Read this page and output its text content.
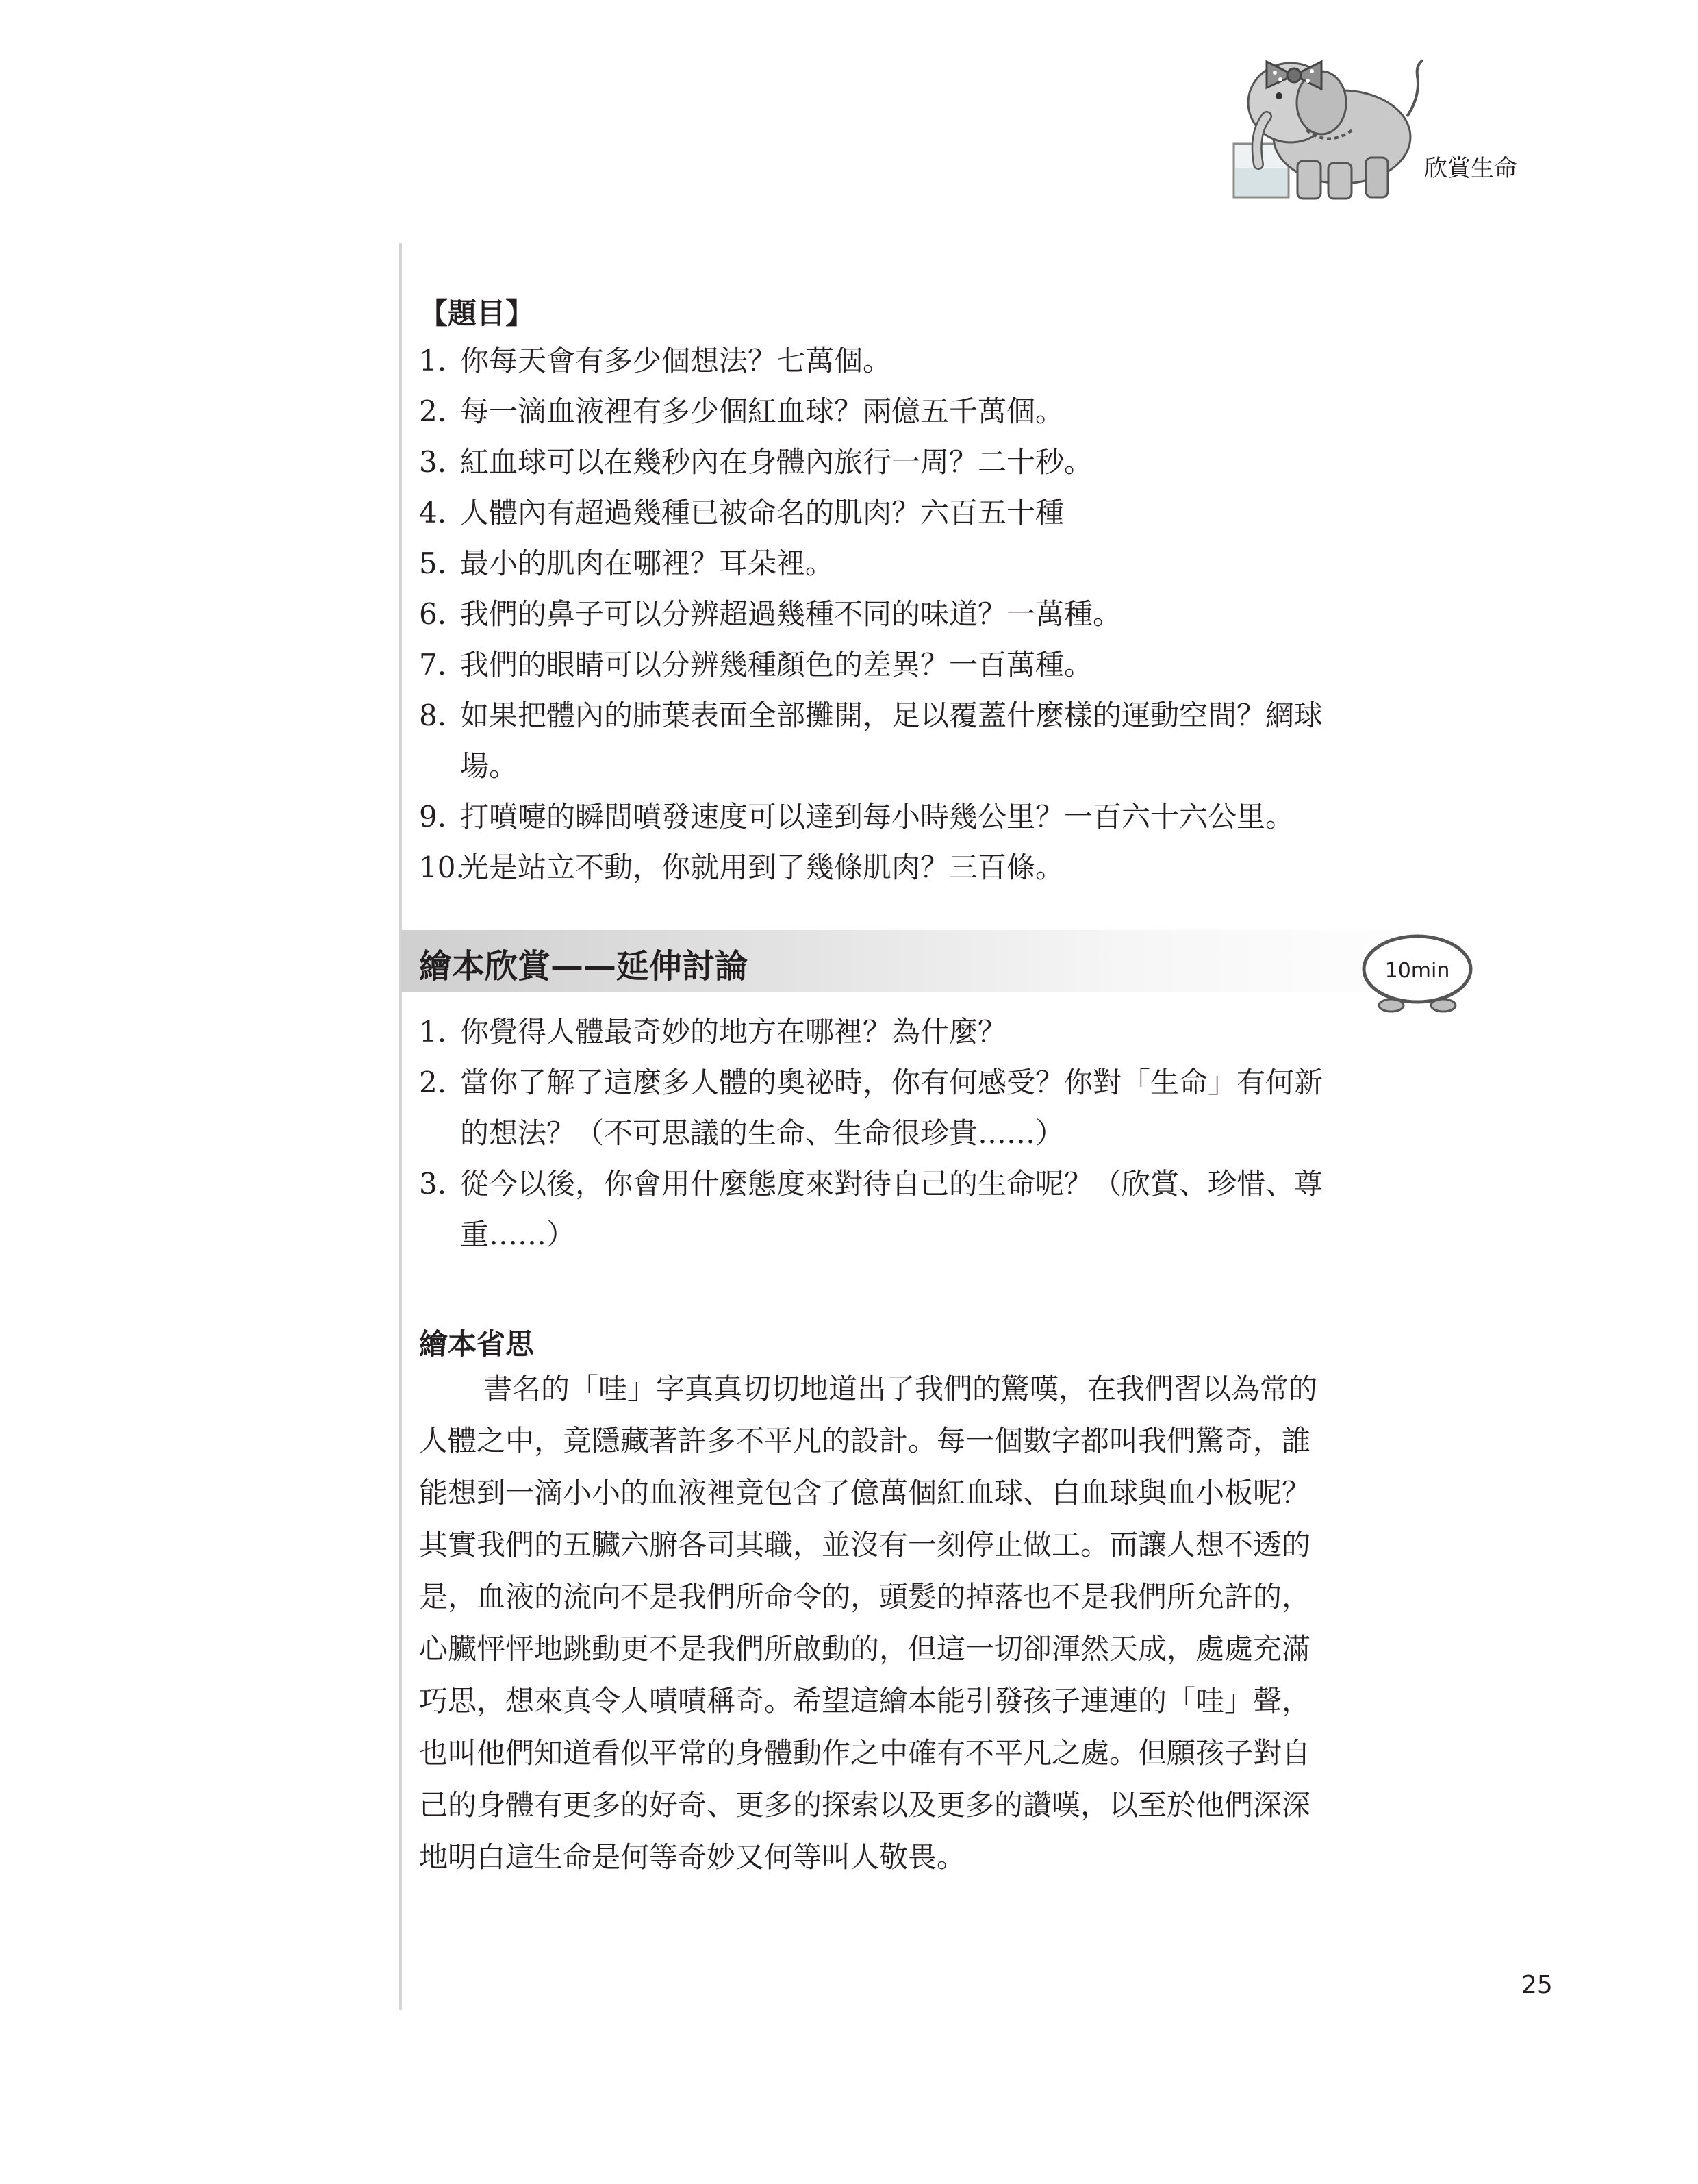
欣賞生命
【題目】
1. 你每天會有多少個想法？七萬個。
2. 每一滴血液裡有多少個紅血球？兩億五千萬個。
3. 紅血球可以在幾秒內在身體內旅行一周？二十秒。
4. 人體內有超過幾種已被命名的肌肉？六百五十種
5. 最小的肌肉在哪裡？耳朵裡。
6. 我們的鼻子可以分辨超過幾種不同的味道？一萬種。
7. 我們的眼睛可以分辨幾種顏色的差異？一百萬種。
8. 如果把體內的肺葉表面全部攤開，足以覆蓋什麼樣的運動空間？網球
場。
9. 打噴嚏的瞬間噴發速度可以達到每小時幾公里？一百六十六公里。
10.
光是站立不動，你就用到了幾條肌肉？三百條。
繪本欣賞——延伸討論
1. 你覺得人體最奇妙的地方在哪裡？為什麼？
2. 當你了解了這麼多人體的奧祕時，你有何感受？你對「生命」有何新
的想法？（不可思議的生命、生命很珍貴……）
3. 從今以後，你會用什麼態度來對待自己的生命呢？（欣賞、珍惜、尊
重……）
繪本省思

書名的「哇」字真真切切地道出了我們的驚嘆，在我們習以為常的
人體之中，竟隱藏著許多不平凡的設計。每一個數字都叫我們驚奇，誰
能想到一滴小小的血液裡竟包含了億萬個紅血球、白血球與血小板呢？
其實我們的五臟六腑各司其職，並沒有一刻停止做工。而讓人想不透的
是，血液的流向不是我們所命令的，頭髮的掉落也不是我們所允許的，
心臟怦怦地跳動更不是我們所啟動的，但這一切卻渾然天成，處處充滿
巧思，想來真令人嘖嘖稱奇。希望這繪本能引發孩子連連的「哇」聲，
也叫他們知道看似平常的身體動作之中確有不平凡之處。但願孩子對自
己的身體有更多的好奇、更多的探索以及更多的讚嘆，以至於他們深深
地明白這生命是何等奇妙又何等叫人敬畏。

10min
25
